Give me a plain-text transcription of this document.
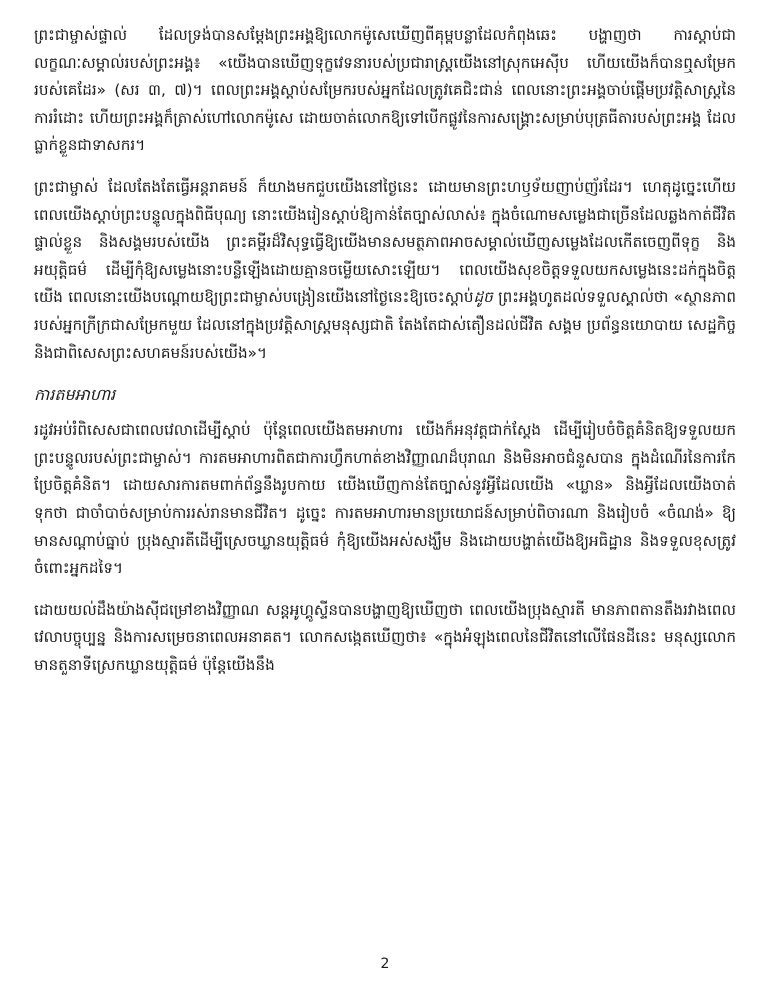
ព្រះជាម្ចាស់ផ្ទាល់ ដែលទ្រង់បានសម្ដែងព្រះអង្គឱ្យលោកម៉ូសេឃើញពីគុម្ពបន្លាដែលកំពុងឆេះ បង្ហាញថា ការស្ដាប់ជាលក្ខណៈសម្គាល់របស់ព្រះអង្គ៖ «យើងបានឃើញទុក្ខវេទនារបស់ប្រជារាស្ដ្រយើងនៅស្រុកអេស៊ីប ហើយយើងក៏បានឮសម្រែករបស់គេដែរ» (សរ ៣, ៧)។ ពេលព្រះអង្គស្ដាប់សម្រែករបស់អ្នកដែលត្រូវគេជិះជាន់ ពេលនោះព្រះអង្គចាប់ផ្ដើមប្រវត្តិសាស្ដ្រនៃការរំដោះ ហើយព្រះអង្គក៏ត្រាស់ហៅលោកម៉ូសេ ដោយចាត់លោកឱ្យទៅបើកផ្លូវនៃការសង្គ្រោះសម្រាប់បុត្រធីតារបស់ព្រះអង្គ ដែលធ្លាក់ខ្លួនជាទាសករ។

ព្រះជាម្ចាស់ ដែលតែងតែធ្វើអន្តរាគមន៍ ក៏យាងមកជួបយើងនៅថ្ងៃនេះ ដោយមានព្រះហឫទ័យញាប់ញ័រដែរ។ ហេតុដូច្នេះហើយ ពេលយើងស្ដាប់ព្រះបន្ទូលក្នុងពិធីបុណ្យ នោះយើងរៀនស្ដាប់ឱ្យកាន់តែច្បាស់លាស់៖ ក្នុងចំណោមសម្លេងជាច្រើនដែលឆ្លងកាត់ជីវិតផ្ទាល់ខ្លួន និងសង្គមរបស់យើង ព្រះគម្ពីរដ៏វិសុទ្ធធ្វើឱ្យយើងមានសមត្ថភាពអាចសម្គាល់ឃើញសម្លេងដែលកើតចេញពីទុក្ខ និងអយុត្តិធម៌ ដើម្បីកុំឱ្យសម្លេងនោះបន្លឺឡើងដោយគ្មានចម្លើយសោះឡើយ។ ពេលយើងសុខចិត្តទទួលយកសម្លេងនេះដក់ក្នុងចិត្តយើង ពេលនោះយើងបណ្ដោយឱ្យព្រះជាម្ចាស់បង្រៀនយើងនៅថ្ងៃនេះឱ្យចេះស្ដាប់ដូច ព្រះអង្គហូតដល់ទទួលស្គាល់ថា «ស្ថានភាពរបស់អ្នកក្រីក្រជាសម្រែកមួយ ដែលនៅក្នុងប្រវត្តិសាស្ដ្រមនុស្សជាតិ តែងតែជាស់តឿនដល់ជីវិត សង្គម ប្រព័ន្ធនយោបាយ សេដ្ឋកិច្ច និងជាពិសេសព្រះសហគមន៍របស់យើង»។

ការតមអាហារ

រដូវអប់រំពិសេសជាពេលវេលាដើម្បីស្ដាប់ ប៉ុន្តែពេលយើងតមអាហារ យើងក៏អនុវត្តជាក់ស្ដែង ដើម្បីរៀបចំចិត្តគំនិតឱ្យទទួលយកព្រះបន្ទូលរបស់ព្រះជាម្ចាស់។ ការតមអាហារពិតជាការហ្វឹកហាត់ខាងវិញ្ញាណដ៏បុរាណ និងមិនអាចជំនួសបាន ក្នុងដំណើរនៃការកែប្រែចិត្តគំនិត។ ដោយសារការតមពាក់ព័ន្ធនឹងរូបកាយ យើងឃើញកាន់តែច្បាស់នូវអ្វីដែលយើង «ឃ្លាន» និងអ្វីដែលយើងចាត់ទុកថា ជាចាំបាច់សម្រាប់ការរស់រានមានជីវិត។ ដូច្នេះ ការតមអាហារមានប្រយោជន៍សម្រាប់ពិចារណា និងរៀបចំ «ចំណង់» ឱ្យមានសណ្ដាប់ធ្នាប់ ប្រុងស្មារតីដើម្បីស្រេចឃ្លានយុត្តិធម៌ កុំឱ្យយើងអស់សង្ឃឹម និងដោយបង្ហាត់យើងឱ្យអធិដ្ឋាន និងទទួលខុសត្រូវចំពោះអ្នកដទៃ។

ដោយយល់ដឹងយ៉ាងស៊ីជម្រៅខាងវិញ្ញាណ សន្តអូហ្គូស្ទីនបានបង្ហាញឱ្យឃើញថា ពេលយើងប្រុងស្មារតី មានភាពតានតឹងរវាងពេលវេលាបច្ចុប្បន្ន និងការសម្រេចនាពេលអនាគត។ លោកសង្កេតឃើញថា៖ «ក្នុងអំឡុងពេលនៃជីវិតនៅលើផែនដីនេះ មនុស្សលោកមានតួនាទីស្រេកឃ្លានយុត្តិធម៌ ប៉ុន្តែយើងនឹង

2
